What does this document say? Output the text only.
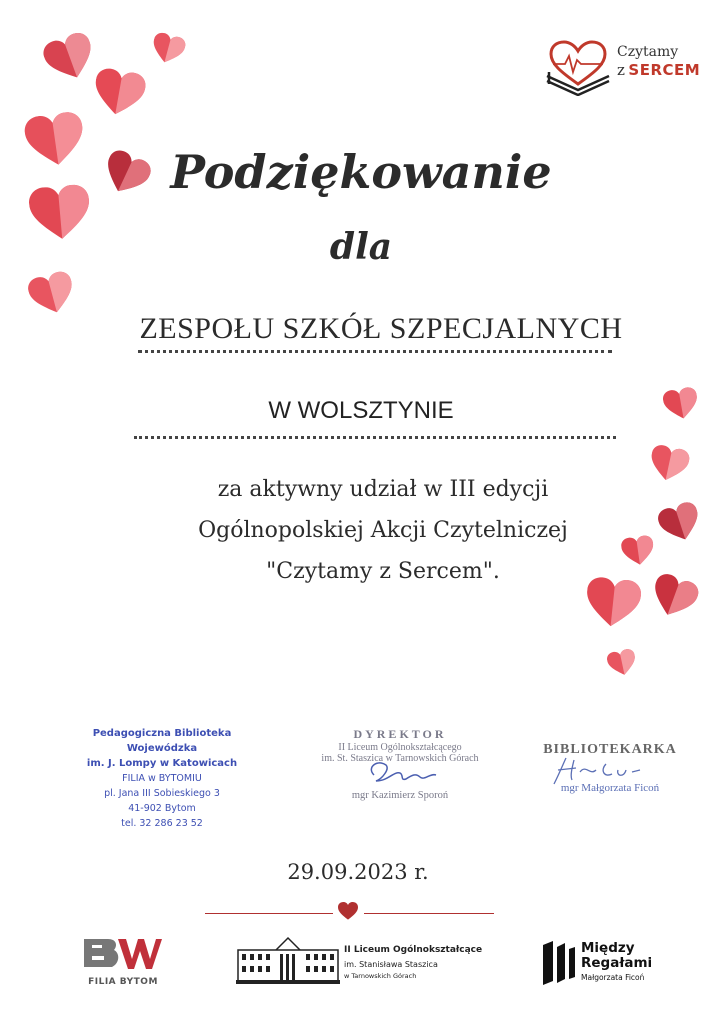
Czytamy
z SERCEM
Podziękowanie
dla
ZESPOŁU SZKÓŁ SZPECJALNYCH
W WOLSZTYNIE
za aktywny udział w III edycji
Ogólnopolskiej Akcji Czytelniczej
"Czytamy z Sercem".
Pedagogiczna Biblioteka Wojewódzka
im. J. Lompy w Katowicach
FILIA w BYTOMIU
pl. Jana III Sobieskiego 3
41-902 Bytom
tel. 32 286 23 52
DYREKTOR
II Liceum Ogólnokształcącego
im. St. Staszica w Tarnowskich Górach
mgr Kazimierz Sporoń
BIBLIOTEKARKA
mgr Małgorzata Ficoń
29.09.2023 r.
FILIA BYTOM
II Liceum Ogólnokształcące
im. Stanisława Staszica
w Tarnowskich Górach
Między
Regałami
Małgorzata Ficoń
